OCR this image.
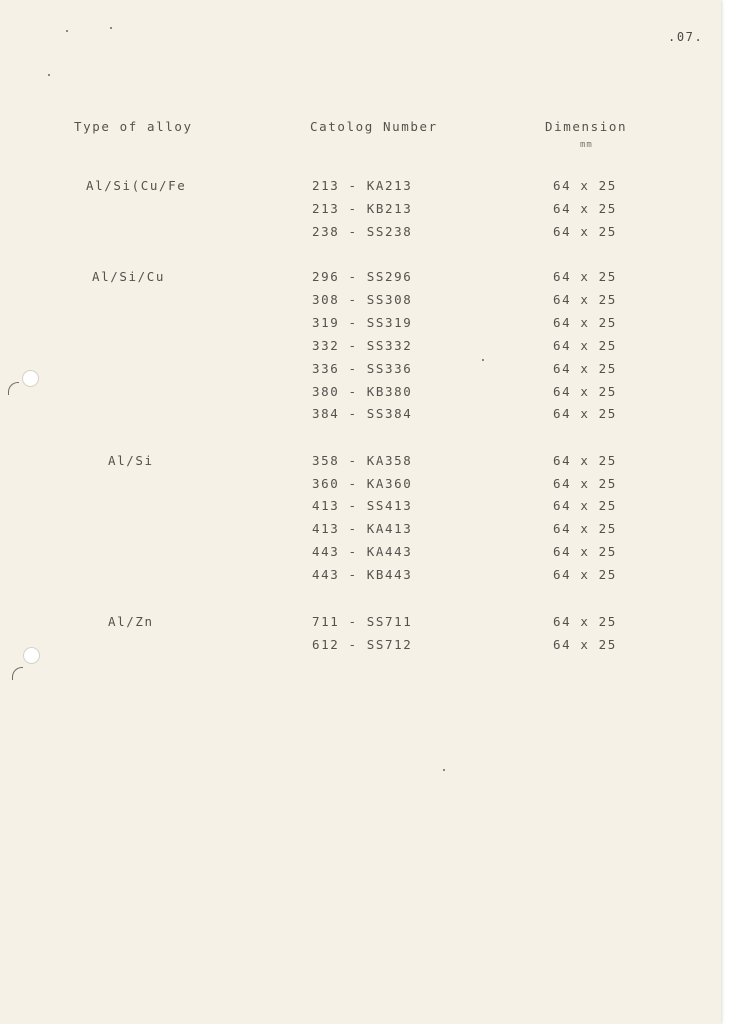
.07.
Type of alloy	Catolog Number	Dimension
mm
Al/Si(Cu/Fe	213 - KA213	64 x 25
213 - KB213	64 x 25
238 - SS238	64 x 25
Al/Si/Cu	296 - SS296	64 x 25
308 - SS308	64 x 25
319 - SS319	64 x 25
332 - SS332	64 x 25
336 - SS336	64 x 25
380 - KB380	64 x 25
384 - SS384	64 x 25
Al/Si	358 - KA358	64 x 25
360 - KA360	64 x 25
413 - SS413	64 x 25
413 - KA413	64 x 25
443 - KA443	64 x 25
443 - KB443	64 x 25
Al/Zn	711 - SS711	64 x 25
612 - SS712	64 x 25
